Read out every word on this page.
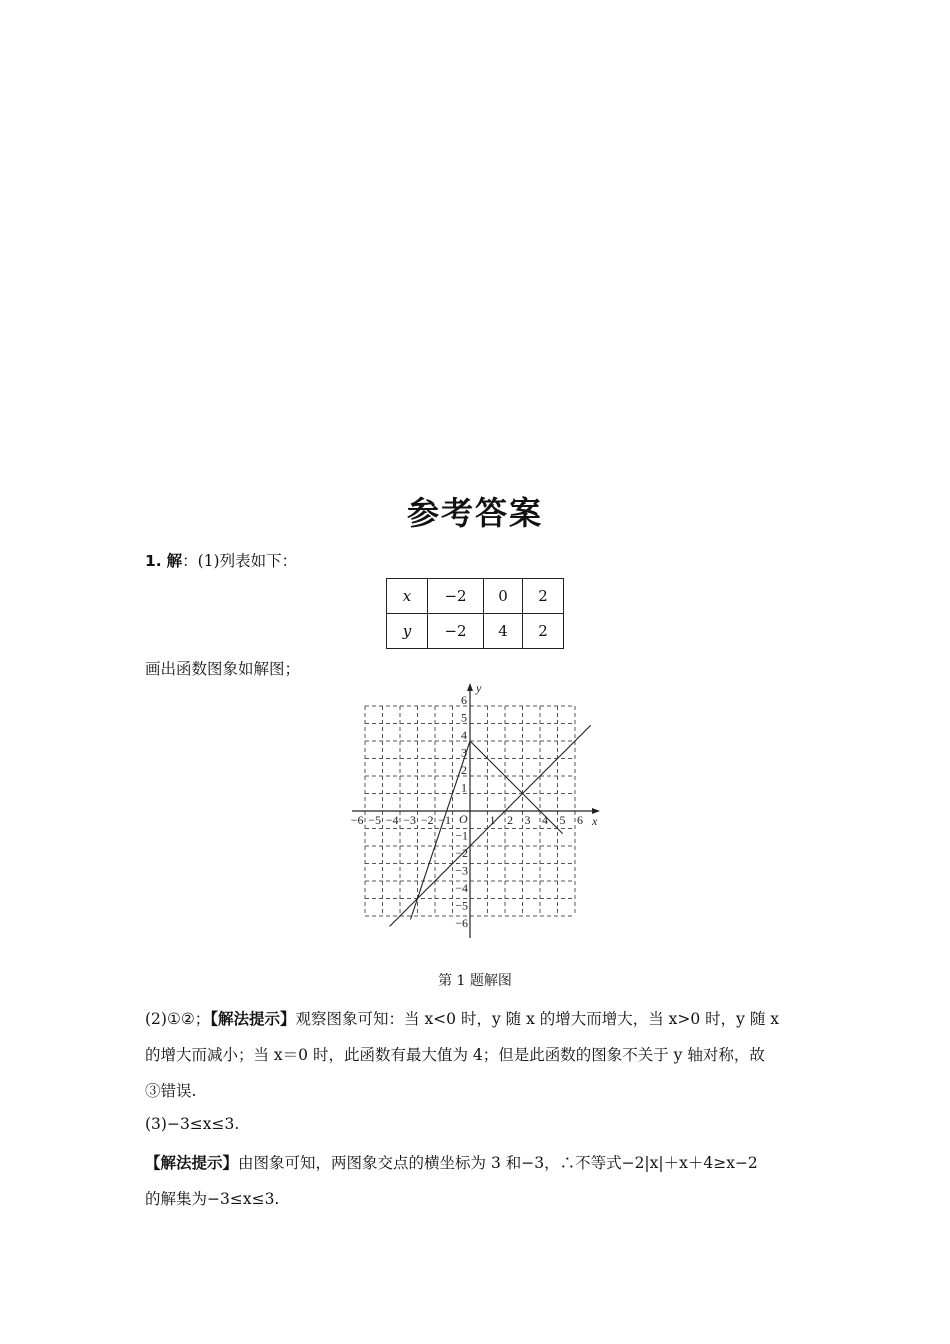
参考答案
1. 解：(1)列表如下：
x	−2	0	2
y	−2	4	2
画出函数图象如解图；
x
y
O
−6 −5 −4 −3 −2 −1	1 2 3 4 5 6
6
5
4
3
2
1
−1
−2
−3
−4
−5
−6
第 1 题解图
(2)①②；【解法提示】观察图象可知：当 x<0 时，y 随 x 的增大而增大，当 x>0 时，y 随 x
的增大而减小；当 x＝0 时，此函数有最大值为 4；但是此函数的图象不关于 y 轴对称，故
③错误.
(3)−3≤x≤3.
【解法提示】由图象可知，两图象交点的横坐标为 3 和−3，∴不等式−2|x|＋x＋4≥x−2
的解集为−3≤x≤3.
